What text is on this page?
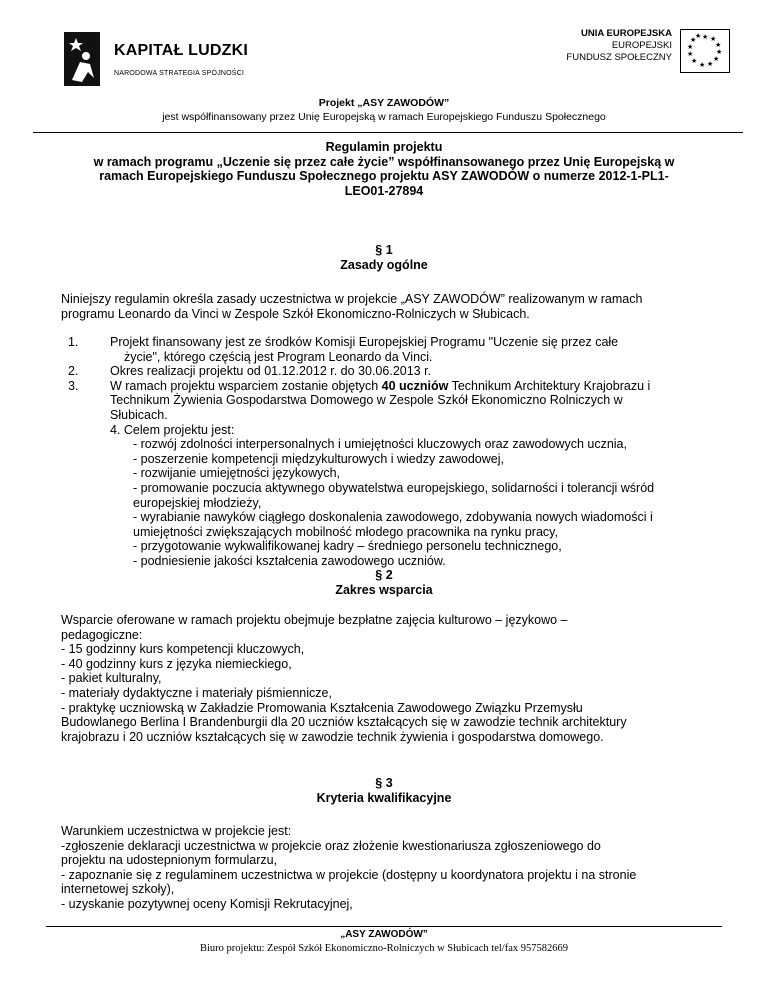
KAPITAŁ LUDZKI
NARODOWA STRATEGIA SPÓJNOŚCI
UNIA EUROPEJSKA
EUROPEJSKI
FUNDUSZ SPOŁECZNY
★ ★
★
★
★
★
★
★
★
★
★
★
Projekt „ASY ZAWODÓW”
jest współfinansowany przez Unię Europejską w ramach Europejskiego Funduszu Społecznego
Regulamin projektu
w ramach programu „Uczenie się przez całe życie” współfinansowanego przez Unię Europejską w
ramach Europejskiego Funduszu Społecznego projektu ASY ZAWODÓW o numerze 2012-1-PL1-
LEO01-27894
§ 1
Zasady ogólne
Niniejszy regulamin określa zasady uczestnictwa w projekcie „ASY ZAWODÓW” realizowanym w ramach
programu Leonardo da Vinci w Zespole Szkół Ekonomiczno-Rolniczych w Słubicach.
1.	Projekt finansowany jest ze środków Komisji Europejskiej Programu "Uczenie się przez całe
życie", którego częścią jest Program Leonardo da Vinci.
2.	Okres realizacji projektu od 01.12.2012 r. do 30.06.2013 r.
3.	W ramach projektu wsparciem zostanie objętych 40 uczniów Technikum Architektury Krajobrazu i
Technikum Żywienia Gospodarstwa Domowego w Zespole Szkół Ekonomiczno Rolniczych w
Słubicach.
4. Celem projektu jest:
- rozwój zdolności interpersonalnych i umiejętności kluczowych oraz zawodowych ucznia,
- poszerzenie kompetencji międzykulturowych i wiedzy zawodowej,
- rozwijanie umiejętności językowych,
- promowanie poczucia aktywnego obywatelstwa europejskiego, solidarności i tolerancji wśród
europejskiej młodzieży,
- wyrabianie nawyków ciągłego doskonalenia zawodowego, zdobywania nowych wiadomości i
umiejętności zwiększających mobilność młodego pracownika na rynku pracy,
- przygotowanie wykwalifikowanej kadry – średniego personelu technicznego,
- podniesienie jakości kształcenia zawodowego uczniów.
§ 2
Zakres wsparcia
Wsparcie oferowane w ramach projektu obejmuje bezpłatne zajęcia kulturowo – językowo –
pedagogiczne:
- 15 godzinny kurs kompetencji kluczowych,
- 40 godzinny kurs z języka niemieckiego,
- pakiet kulturalny,
- materiały dydaktyczne i materiały piśmiennicze,
- praktykę uczniowską w Zakładzie Promowania Kształcenia Zawodowego Związku Przemysłu
Budowlanego Berlina I Brandenburgii dla 20 uczniów kształcących się w zawodzie technik architektury
krajobrazu i 20 uczniów kształcących się w zawodzie technik żywienia i gospodarstwa domowego.
§ 3
Kryteria kwalifikacyjne
Warunkiem uczestnictwa w projekcie jest:
-zgłoszenie deklaracji uczestnictwa w projekcie oraz złożenie kwestionariusza zgłoszeniowego do
projektu na udostepnionym formularzu,
- zapoznanie się z regulaminem uczestnictwa w projekcie (dostępny u koordynatora projektu i na stronie
internetowej szkoły),
- uzyskanie pozytywnej oceny Komisji Rekrutacyjnej,
„ASY ZAWODÓW”
Biuro projektu: Zespół Szkół Ekonomiczno-Rolniczych w Słubicach tel/fax 957582669
